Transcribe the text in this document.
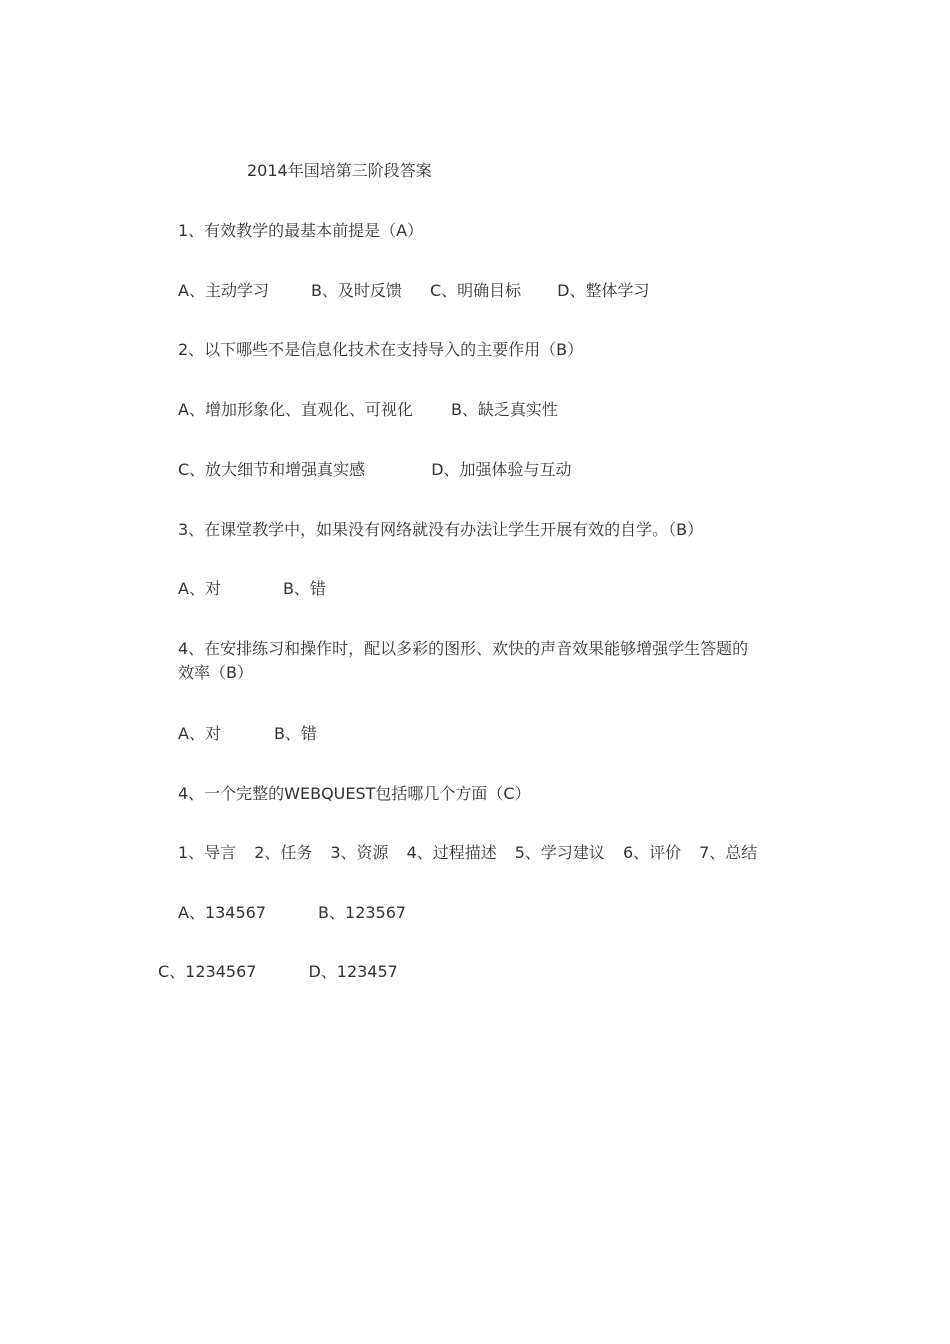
2014年国培第三阶段答案
1、有效教学的最基本前提是（A）
A、主动学习	B、及时反馈 C、明确目标 D、整体学习
2、以下哪些不是信息化技术在支持导入的主要作用（B）
A、增加形象化、直观化、可视化 B、缺乏真实性
C、放大细节和增强真实感	D、加强体验与互动
3、在课堂教学中，如果没有网络就没有办法让学生开展有效的自学。（B）
A、对	B、错
4、在安排练习和操作时，配以多彩的图形、欢快的声音效果能够增强学生答题的
效率（B）
A、对	B、错
4、一个完整的WEBQUEST包括哪几个方面（C）
1、导言 2、任务 3、资源 4、过程描述 5、学习建议 6、评价 7、总结
A、134567	B、123567
C、1234567	D、123457
